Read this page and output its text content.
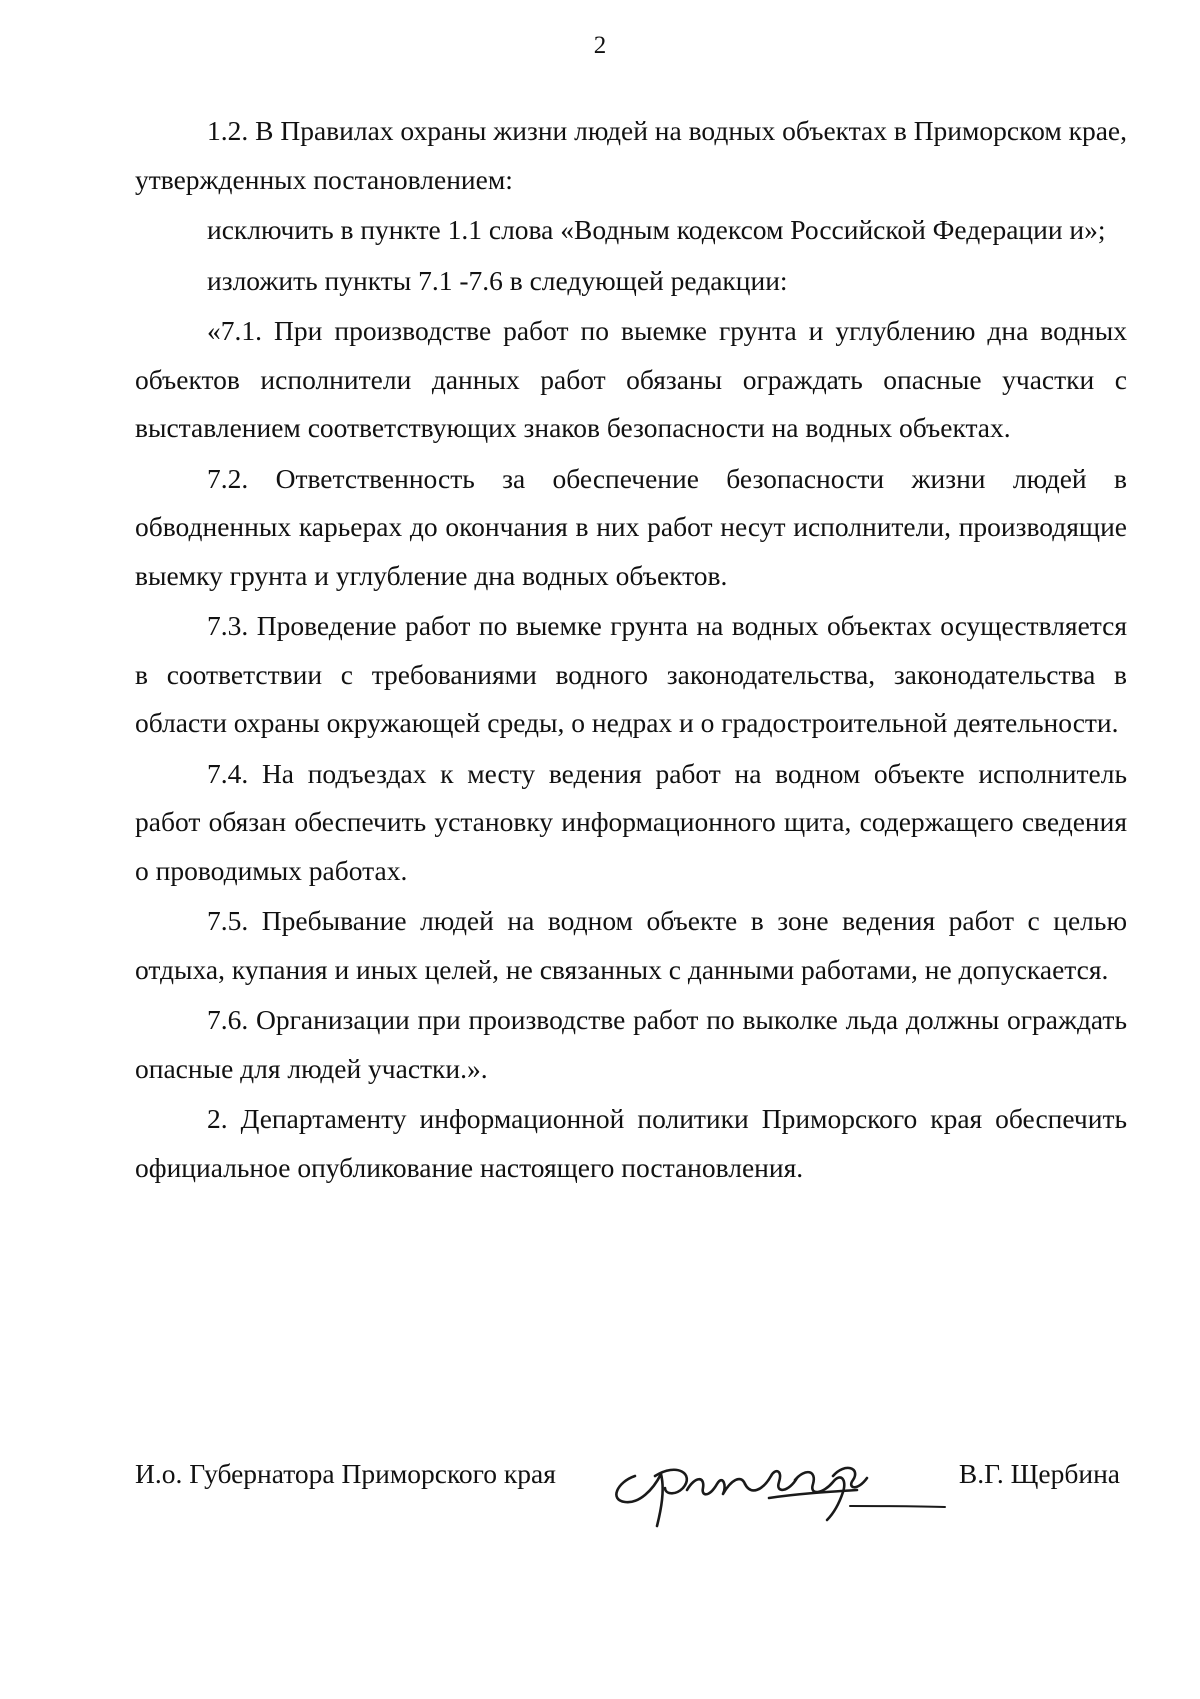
2

1.2. В Правилах охраны жизни людей на водных объектах в Приморском крае, утвержденных постановлением:

исключить в пункте 1.1 слова «Водным кодексом Российской Федерации и»;

изложить пункты 7.1 -7.6 в следующей редакции:

«7.1. При производстве работ по выемке грунта и углублению дна водных объектов исполнители данных работ обязаны ограждать опасные участки с выставлением соответствующих знаков безопасности на водных объектах.

7.2. Ответственность за обеспечение безопасности жизни людей в обводненных карьерах до окончания в них работ несут исполнители, производящие выемку грунта и углубление дна водных объектов.

7.3. Проведение работ по выемке грунта на водных объектах осуществляется в соответствии с требованиями водного законодательства, законодательства в области охраны окружающей среды, о недрах и о градостроительной деятельности.

7.4. На подъездах к месту ведения работ на водном объекте исполнитель работ обязан обеспечить установку информационного щита, содержащего сведения о проводимых работах.

7.5. Пребывание людей на водном объекте в зоне ведения работ с целью отдыха, купания и иных целей, не связанных с данными работами, не допускается.

7.6. Организации при производстве работ по выколке льда должны ограждать опасные для людей участки.».

2. Департаменту информационной политики Приморского края обеспечить официальное опубликование настоящего постановления.

И.о. Губернатора Приморского края	В.Г. Щербина
